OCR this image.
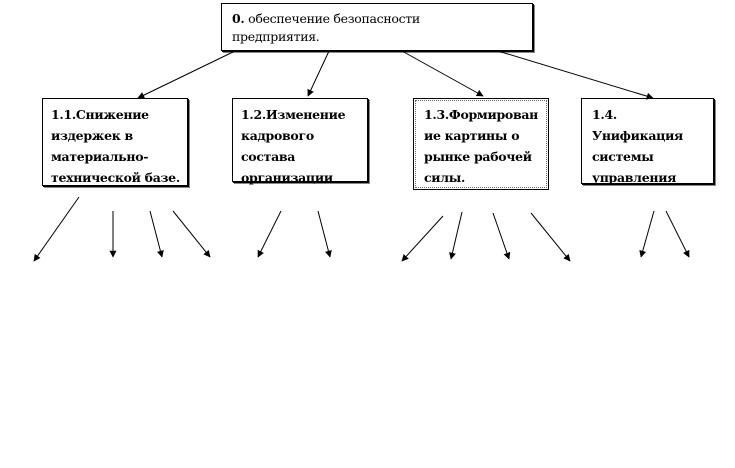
0. обеспечение безопасности
предприятия.
1.1.Снижение
издержек в
материально-
технической базе.
1.2.Изменение
кадрового
состава
организации
1.3.Формирован
ие картины о
рынке рабочей
силы.
1.4.
Унификация
системы
управления
